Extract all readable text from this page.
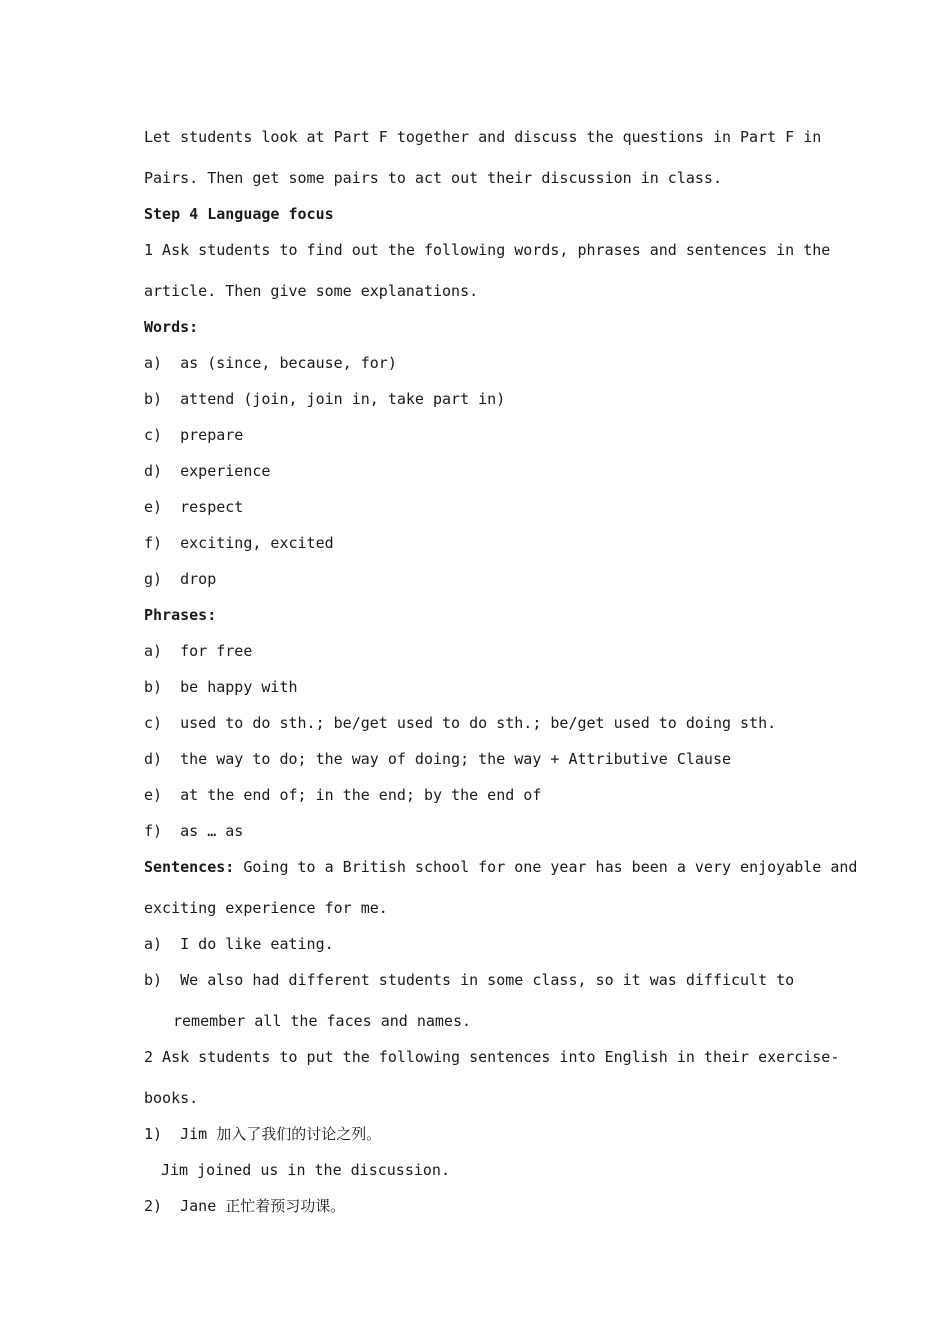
Let students look at Part F together and discuss the questions in Part F in
Pairs. Then get some pairs to act out their discussion in class.
Step 4 Language focus
1 Ask students to find out the following words, phrases and sentences in the
article. Then give some explanations.
Words:
a)  as (since, because, for)
b)  attend (join, join in, take part in)
c)  prepare
d)  experience
e)  respect
f)  exciting, excited
g)  drop
Phrases:
a)  for free
b)  be happy with
c)  used to do sth.; be/get used to do sth.; be/get used to doing sth.
d)  the way to do; the way of doing; the way + Attributive Clause
e)  at the end of; in the end; by the end of
f)  as … as
Sentences: Going to a British school for one year has been a very enjoyable and
exciting experience for me.
a)  I do like eating.
b)  We also had different students in some class, so it was difficult to
remember all the faces and names.
2 Ask students to put the following sentences into English in their exercise-
books.
1)  Jim 加入了我们的讨论之列。
Jim joined us in the discussion.
2)  Jane 正忙着预习功课。
